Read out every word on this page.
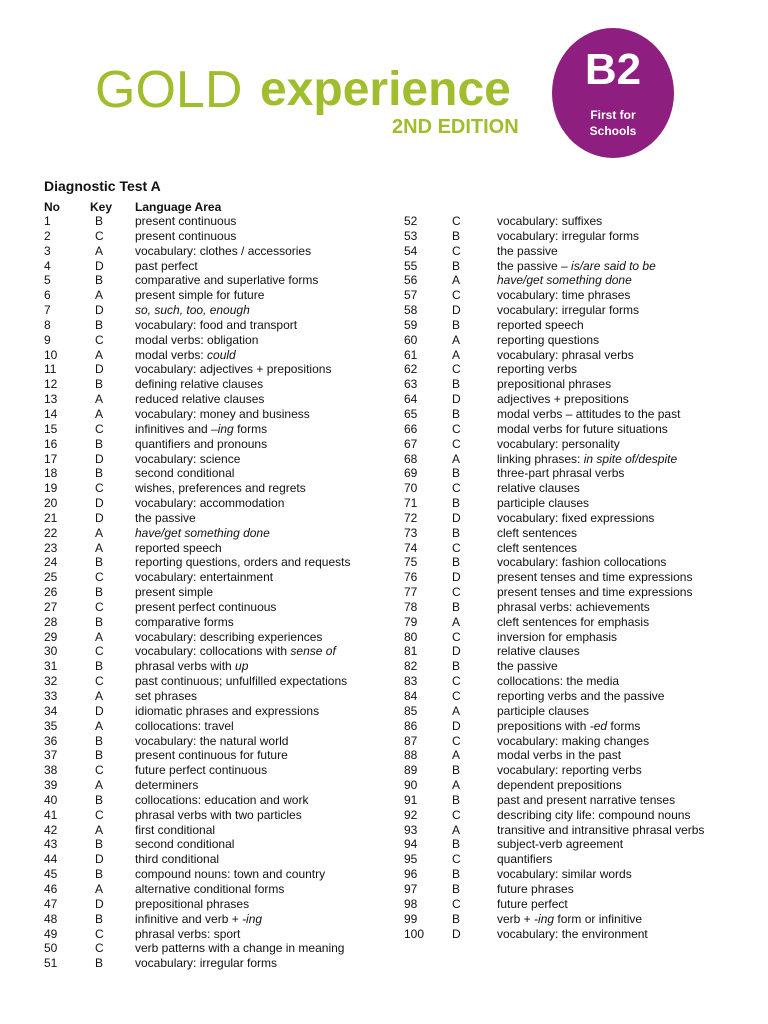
GOLD experience
2ND EDITION
B2
First for
Schools
Diagnostic Test A
No	Key Language Area
1	B	present continuous
2	C	present continuous
3	A	vocabulary: clothes / accessories
4	D	past perfect
5	B	comparative and superlative forms
6	A	present simple for future
7	D	so, such, too, enough
8	B	vocabulary: food and transport
9	C	modal verbs: obligation
10	A	modal verbs: could
11	D	vocabulary: adjectives + prepositions
12	B	defining relative clauses
13	A	reduced relative clauses
14	A	vocabulary: money and business
15	C	infinitives and –ing forms
16	B	quantifiers and pronouns
17	D	vocabulary: science
18	B	second conditional
19	C	wishes, preferences and regrets
20	D	vocabulary: accommodation
21	D	the passive
22	A	have/get something done
23	A	reported speech
24	B	reporting questions, orders and requests
25	C	vocabulary: entertainment
26	B	present simple
27	C	present perfect continuous
28	B	comparative forms
29	A	vocabulary: describing experiences
30	C	vocabulary: collocations with sense of
31	B	phrasal verbs with up
32	C	past continuous; unfulfilled expectations
33	A	set phrases
34	D	idiomatic phrases and expressions
35	A	collocations: travel
36	B	vocabulary: the natural world
37	B	present continuous for future
38	C	future perfect continuous
39	A	determiners
40	B	collocations: education and work
41	C	phrasal verbs with two particles
42	A	first conditional
43	B	second conditional
44	D	third conditional
45	B	compound nouns: town and country
46	A	alternative conditional forms
47	D	prepositional phrases
48	B	infinitive and verb + -ing
49	C	phrasal verbs: sport
50	C	verb patterns with a change in meaning
51	B	vocabulary: irregular forms
52	C	vocabulary: suffixes
53	B	vocabulary: irregular forms
54	C	the passive
55	B	the passive – is/are said to be
56	A	have/get something done
57	C	vocabulary: time phrases
58	D	vocabulary: irregular forms
59	B	reported speech
60	A	reporting questions
61	A	vocabulary: phrasal verbs
62	C	reporting verbs
63	B	prepositional phrases
64	D	adjectives + prepositions
65	B	modal verbs – attitudes to the past
66	C	modal verbs for future situations
67	C	vocabulary: personality
68	A	linking phrases: in spite of/despite
69	B	three-part phrasal verbs
70	C	relative clauses
71	B	participle clauses
72	D	vocabulary: fixed expressions
73	B	cleft sentences
74	C	cleft sentences
75	B	vocabulary: fashion collocations
76	D	present tenses and time expressions
77	C	present tenses and time expressions
78	B	phrasal verbs: achievements
79	A	cleft sentences for emphasis
80	C	inversion for emphasis
81	D	relative clauses
82	B	the passive
83	C	collocations: the media
84	C	reporting verbs and the passive
85	A	participle clauses
86	D	prepositions with -ed forms
87	C	vocabulary: making changes
88	A	modal verbs in the past
89	B	vocabulary: reporting verbs
90	A	dependent prepositions
91	B	past and present narrative tenses
92	C	describing city life: compound nouns
93	A	transitive and intransitive phrasal verbs
94	B	subject-verb agreement
95	C	quantifiers
96	B	vocabulary: similar words
97	B	future phrases
98	C	future perfect
99	B	verb + -ing form or infinitive
100 D	vocabulary: the environment
